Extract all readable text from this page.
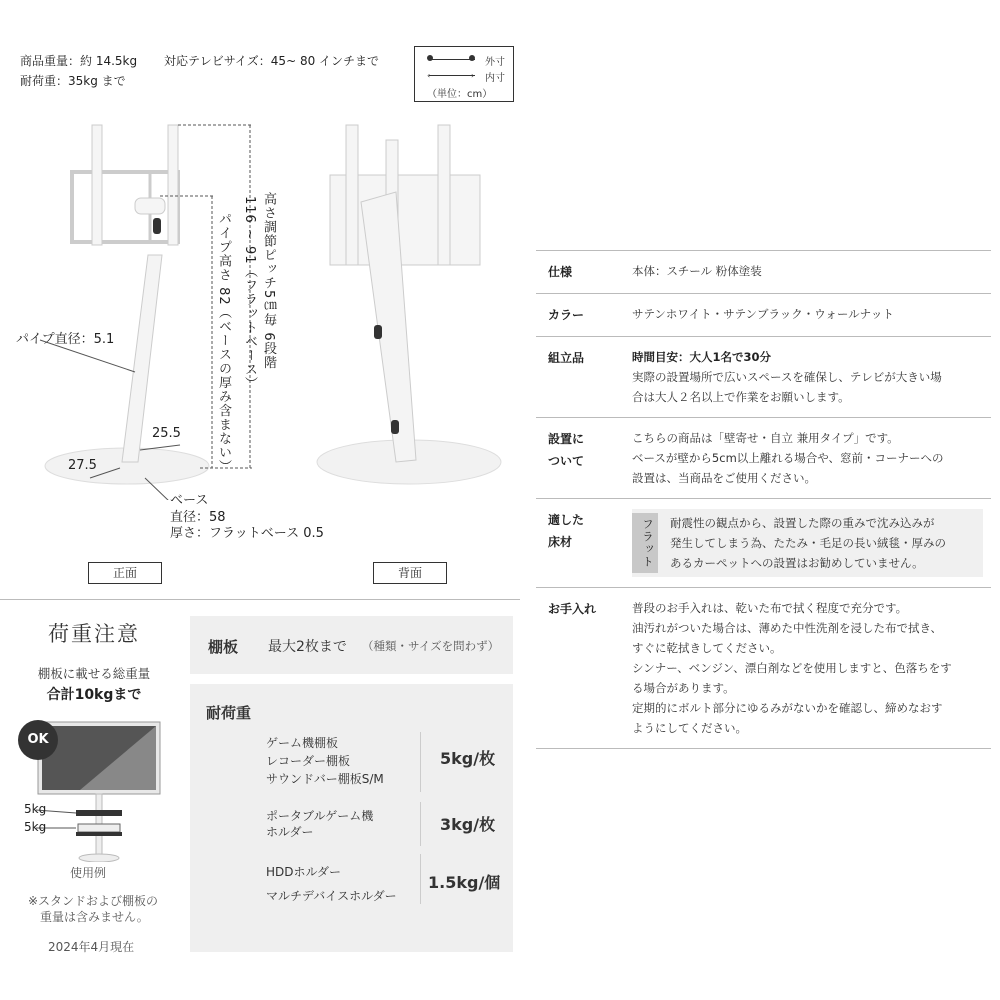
商品重量：約 14.5kg 対応テレビサイズ：45~ 80 インチまで
耐荷重：35kg まで
外寸
‹	› 内寸
（単位：cm）
高さ調節ピッチ5㎝毎 6段階
116 ~ 91（フラットベース）
パイプ高さ 82（ベースの厚み含まない）
パイプ直径：5.1
25.5
27.5
ベース
直径：58
厚さ：フラットベース 0.5
正面	背面
仕様	本体：スチール 粉体塗装
カラー	サテンホワイト・サテンブラック・ウォールナット
組立品	時間目安：大人1名で30分
実際の設置場所で広いスペースを確保し、テレビが大きい場
合は大人２名以上で作業をお願いします。
設置に
ついて
こちらの商品は「壁寄せ・自立 兼用タイプ」です。
ベースが壁から5cm以上離れる場合や、窓前・コーナーへの
設置は、当商品をご使用ください。
適した
床材	フラット 耐震性の観点から、設置した際の重みで沈み込みが
発生してしまう為、たたみ・毛足の長い絨毯・厚みの
あるカーペットへの設置はお勧めしていません。
お手入れ	普段のお手入れは、乾いた布で拭く程度で充分です。
油汚れがついた場合は、薄めた中性洗剤を浸した布で拭き、
すぐに乾拭きしてください。
シンナー、ベンジン、漂白剤などを使用しますと、色落ちをす
る場合があります。
定期的にボルト部分にゆるみがないかを確認し、締めなおす
ようにしてください。
荷重注意
棚板に載せる総重量
合計10kgまで
OK
5kg
5kg
使用例
※スタンドおよび棚板の
重量は含みません。
2024年4月現在
棚板 最大2枚まで （種類・サイズを問わず）
耐荷重
ゲーム機棚板
レコーダー棚板
サウンドバー棚板S/M
5kg/枚
ポータブルゲーム機
ホルダー	3kg/枚
HDDホルダー
マルチデバイスホルダー
1.5kg/個
